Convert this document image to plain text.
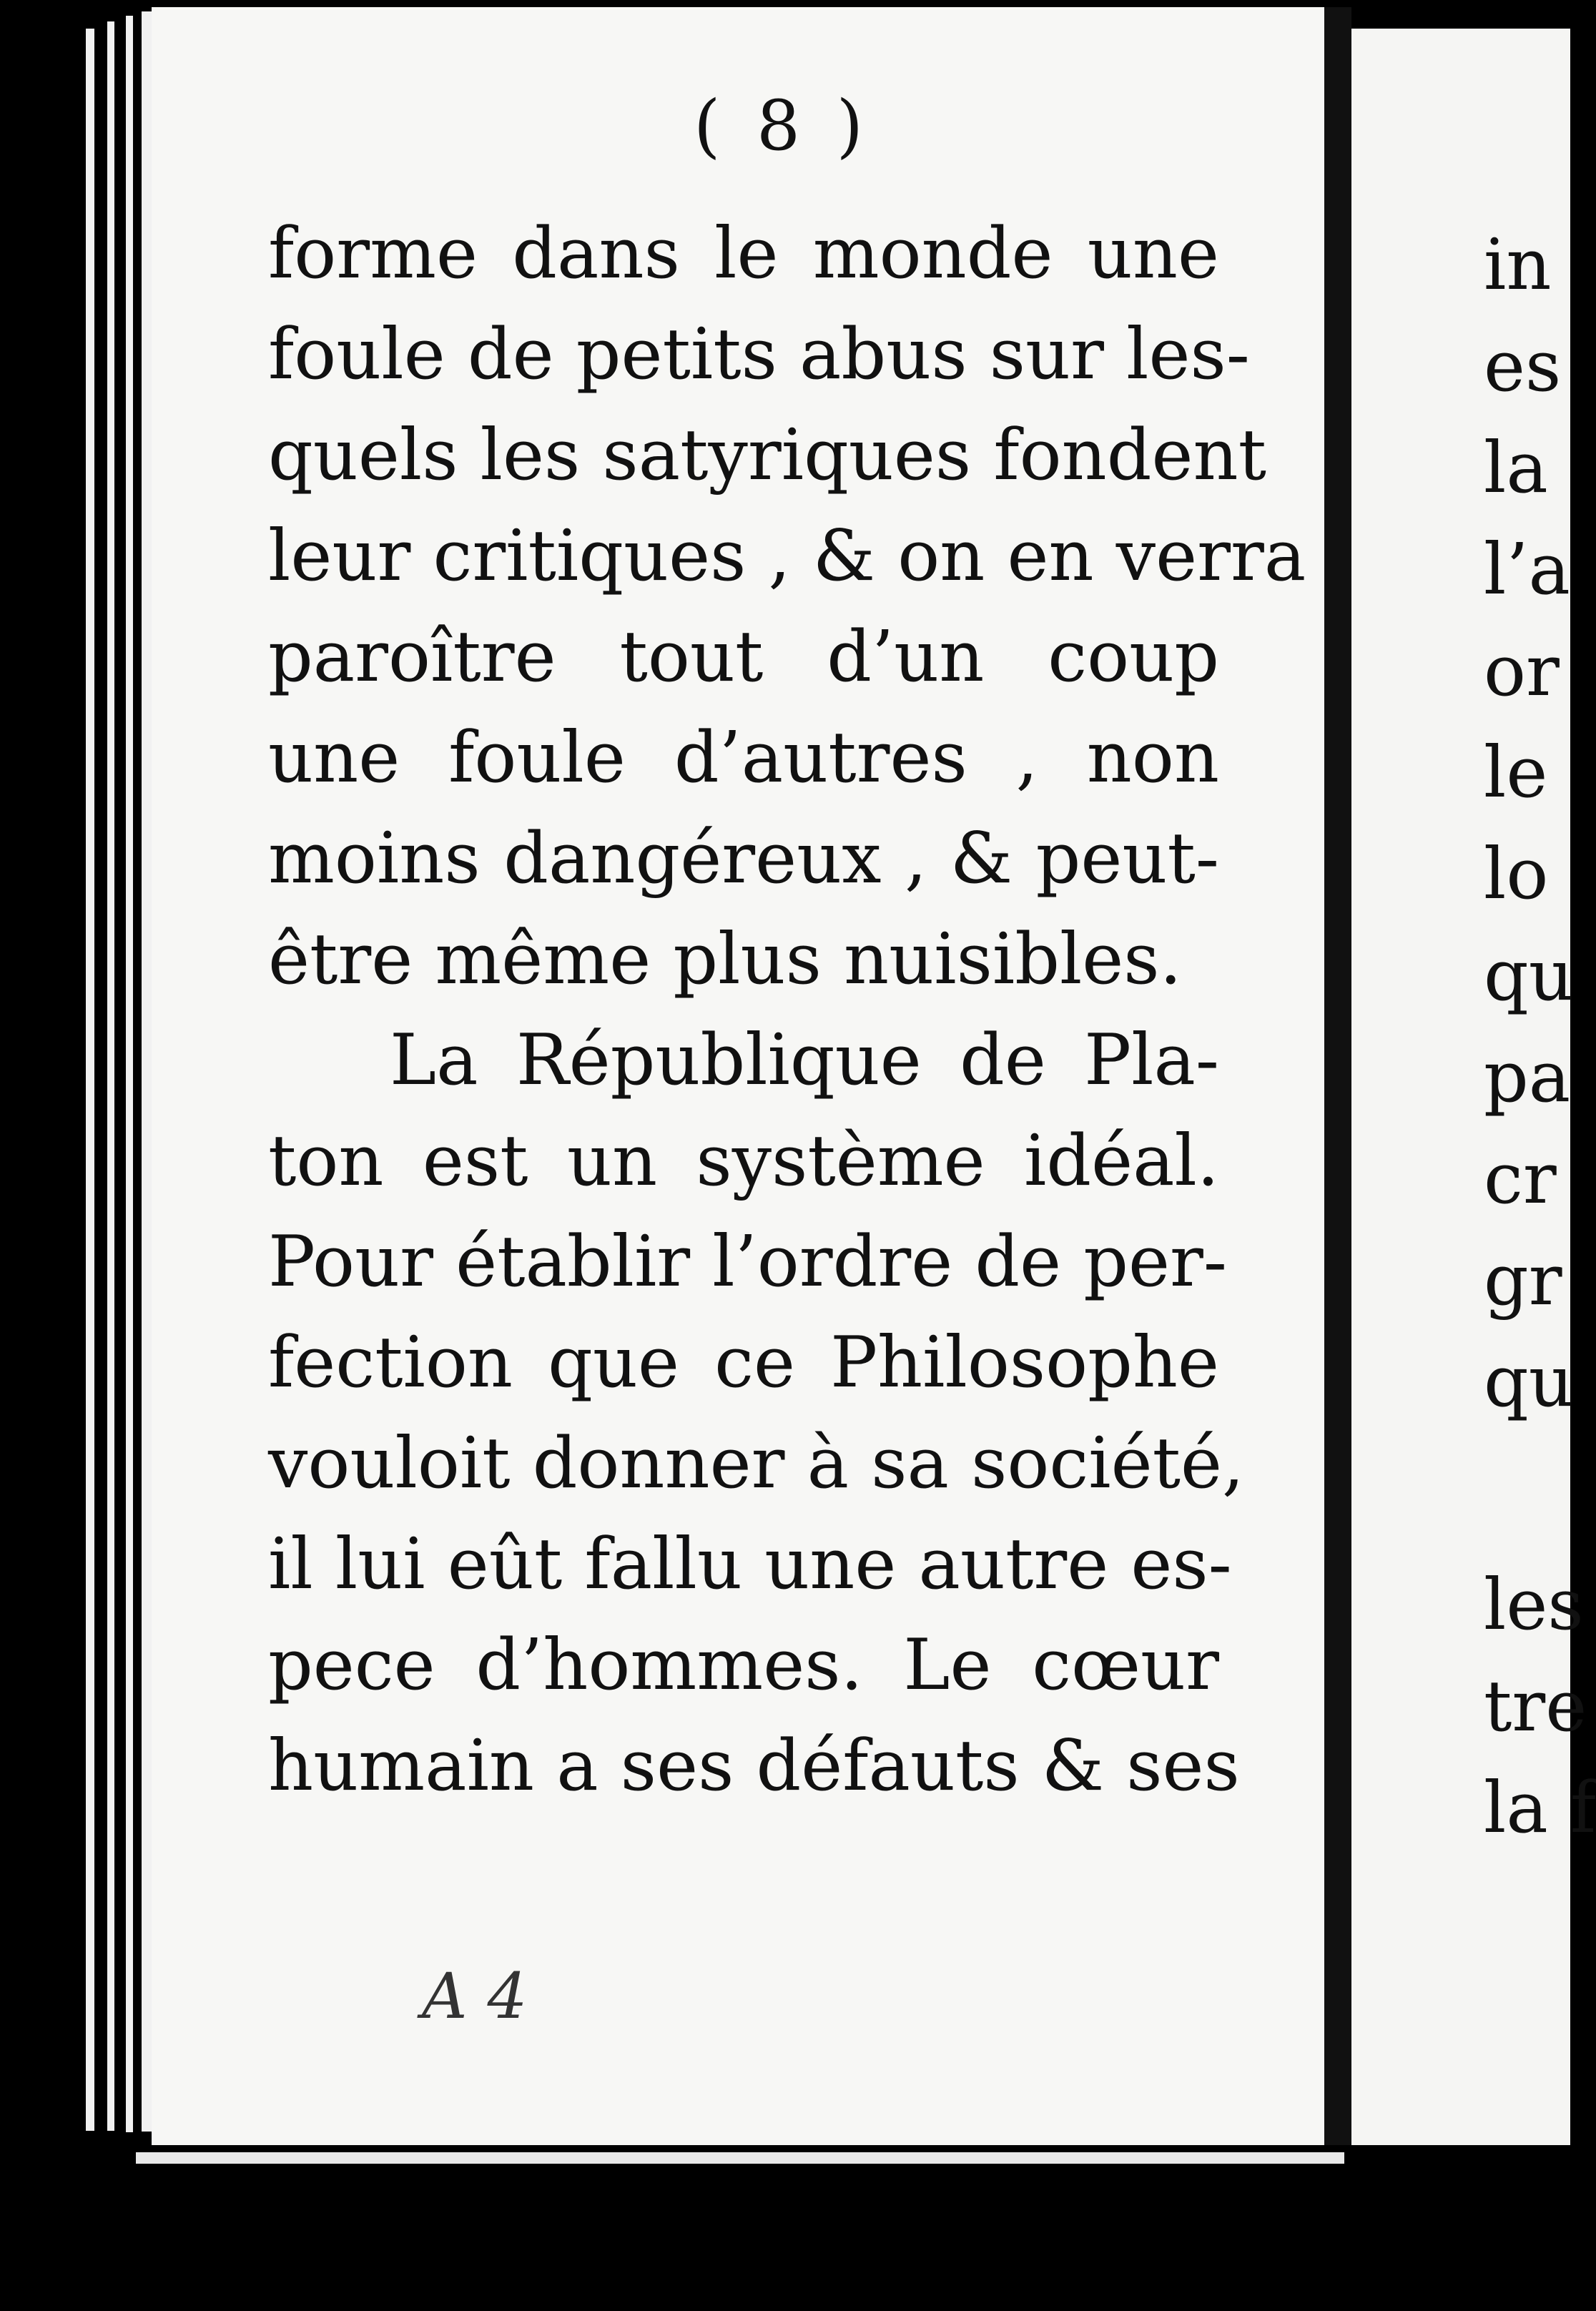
( 8 )
forme dans le monde une
foule de petits abus sur les-
quels les satyriques fondent
leur critiques , & on en verra
paroître tout d’un coup
une foule d’autres , non
moins dangéreux , & peut-
être même plus nuisibles.
La République de Pla-
ton est un système idéal.
Pour établir l’ordre de per-
fection que ce Philosophe
vouloit donner à sa société,
il lui eût fallu une autre es-
pece d’hommes. Le cœur
humain a ses défauts & ses
A 4
in
es
la
l’a
or
le
lo
qu
pa
cr
gr
qu
les
tre
la f
